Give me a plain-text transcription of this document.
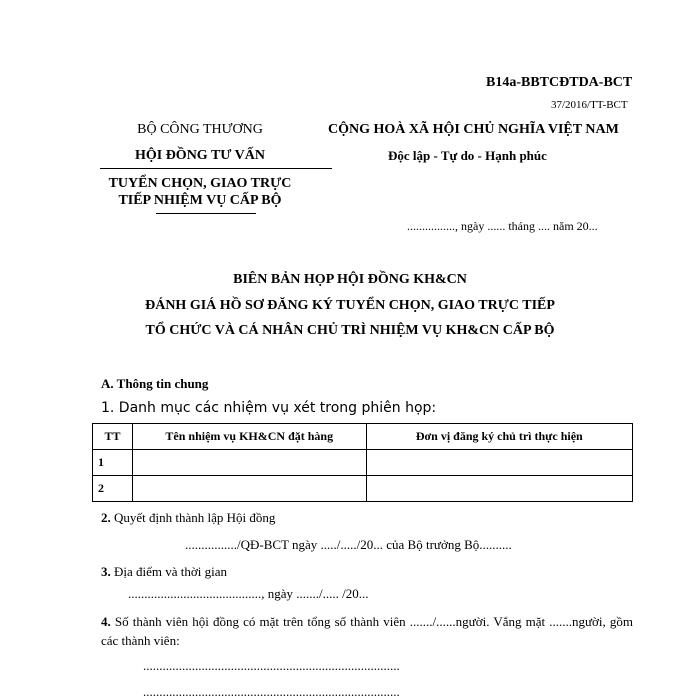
B14a-BBTCĐTDA-BCT
37/2016/TT-BCT
BỘ CÔNG THƯƠNG
HỘI ĐỒNG TƯ VẤN
TUYỂN CHỌN, GIAO TRỰC
TIẾP NHIỆM VỤ CẤP BỘ
CỘNG HOÀ XÃ HỘI CHỦ NGHĨA VIỆT NAM
Độc lập - Tự do - Hạnh phúc
................, ngày ...... tháng .... năm 20...
BIÊN BẢN HỌP HỘI ĐỒNG KH&CN
ĐÁNH GIÁ HỒ SƠ ĐĂNG KÝ TUYỂN CHỌN, GIAO TRỰC TIẾP
TỔ CHỨC VÀ CÁ NHÂN CHỦ TRÌ NHIỆM VỤ KH&CN CẤP BỘ
A. Thông tin chung
1. Danh mục các nhiệm vụ xét trong phiên họp:
TT	Tên nhiệm vụ KH&CN đặt hàng	Đơn vị đăng ký chủ trì thực hiện
1		
2		
2. Quyết định thành lập Hội đồng
................/QĐ-BCT ngày ...../...../20... của Bộ trưởng Bộ..........
3. Địa điểm và thời gian
........................................., ngày ......./..... /20...
4. Số thành viên hội đồng có mặt trên tổng số thành viên ......./......người. Vắng mặt .......người, gồm các thành viên:
...............................................................................
...............................................................................
